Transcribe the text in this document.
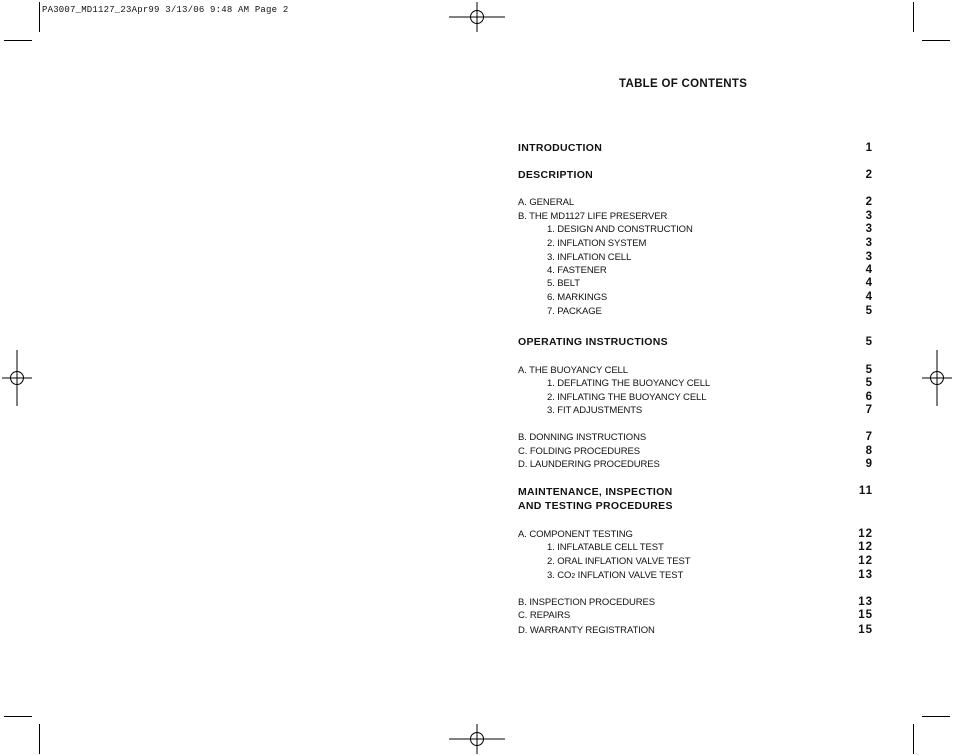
PA3007_MD1127_23Apr99 3/13/06 9:48 AM Page 2
TABLE OF CONTENTS
INTRODUCTION	1
DESCRIPTION	2
A. GENERAL	2
B. THE MD1127 LIFE PRESERVER	3
1. DESIGN AND CONSTRUCTION	3
2. INFLATION SYSTEM	3
3. INFLATION CELL	3
4. FASTENER	4
5. BELT	4
6. MARKINGS	4
7. PACKAGE	5
OPERATING INSTRUCTIONS	5
A. THE BUOYANCY CELL	5
1. DEFLATING THE BUOYANCY CELL	5
2. INFLATING THE BUOYANCY CELL	6
3. FIT ADJUSTMENTS	7
B. DONNING INSTRUCTIONS	7
C. FOLDING PROCEDURES	8
D. LAUNDERING PROCEDURES	9
MAINTENANCE, INSPECTION
AND TESTING PROCEDURES
11
A. COMPONENT TESTING	12
1. INFLATABLE CELL TEST	12
2. ORAL INFLATION VALVE TEST	12
3. CO2 INFLATION VALVE TEST	13
B. INSPECTION PROCEDURES	13
C. REPAIRS	15
D. WARRANTY REGISTRATION	15
